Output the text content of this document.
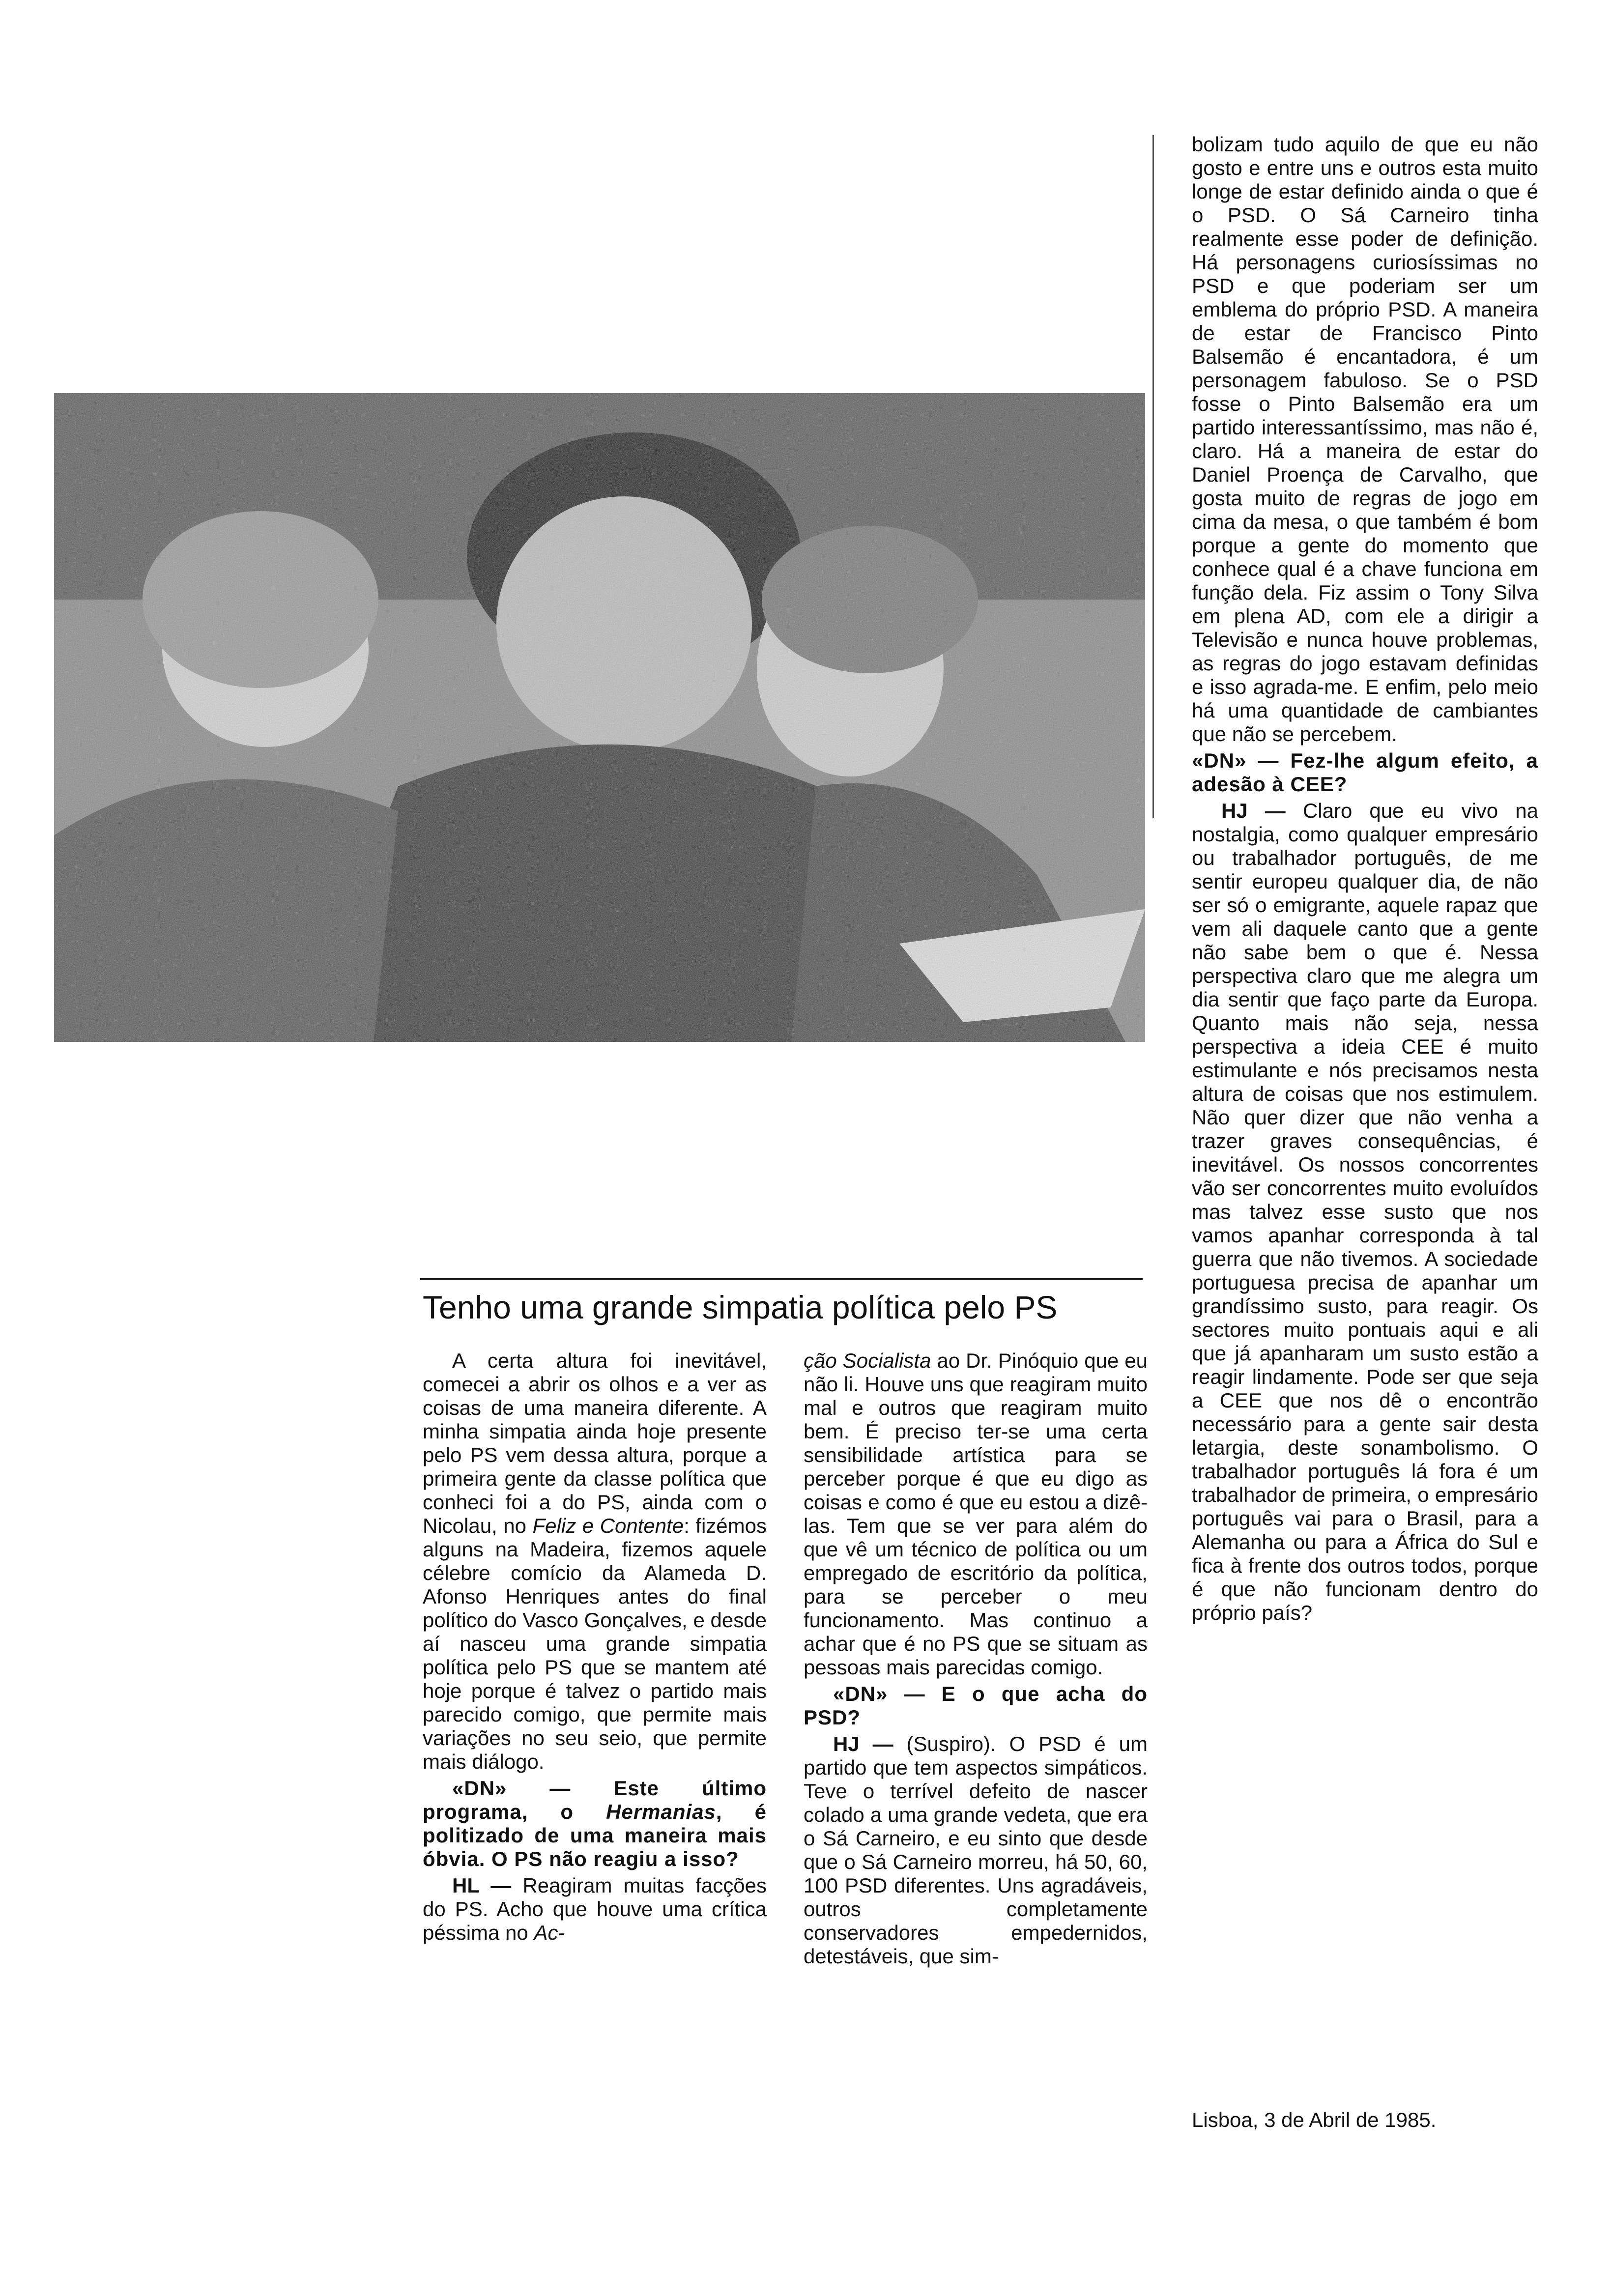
bolizam tudo aquilo de que eu não gosto e entre uns e outros esta muito longe de estar definido ainda o que é o PSD. O Sá Carneiro tinha realmente esse poder de definição. Há personagens curiosíssimas no PSD e que poderiam ser um emblema do próprio PSD. A maneira de estar de Francisco Pinto Balsemão é encantadora, é um personagem fabuloso. Se o PSD fosse o Pinto Balsemão era um partido interessantíssimo, mas não é, claro. Há a maneira de estar do Daniel Proença de Carvalho, que gosta muito de regras de jogo em cima da mesa, o que também é bom porque a gente do momento que conhece qual é a chave funciona em função dela. Fiz assim o Tony Silva em plena AD, com ele a dirigir a Televisão e nunca houve problemas, as regras do jogo estavam definidas e isso agrada-me. E enfim, pelo meio há uma quantidade de cambiantes que não se percebem.

«DN» — Fez-lhe algum efeito, a adesão à CEE?

HJ — Claro que eu vivo na nostalgia, como qualquer empresário ou trabalhador português, de me sentir europeu qualquer dia, de não ser só o emigrante, aquele rapaz que vem ali daquele canto que a gente não sabe bem o que é. Nessa perspectiva claro que me alegra um dia sentir que faço parte da Europa. Quanto mais não seja, nessa perspectiva a ideia CEE é muito estimulante e nós precisamos nesta altura de coisas que nos estimulem. Não quer dizer que não venha a trazer graves consequências, é inevitável. Os nossos concorrentes vão ser concorrentes muito evoluídos mas talvez esse susto que nos vamos apanhar corresponda à tal guerra que não tivemos. A sociedade portuguesa precisa de apanhar um grandíssimo susto, para reagir. Os sectores muito pontuais aqui e ali que já apanharam um susto estão a reagir lindamente. Pode ser que seja a CEE que nos dê o encontrão necessário para a gente sair desta letargia, deste sonambolismo. O trabalhador português lá fora é um trabalhador de primeira, o empresário português vai para o Brasil, para a Alemanha ou para a África do Sul e fica à frente dos outros todos, porque é que não funcionam dentro do próprio país?

Lisboa, 3 de Abril de 1985.
Tenho uma grande simpatia política pelo PS

A certa altura foi inevitável, comecei a abrir os olhos e a ver as coisas de uma maneira diferente. A minha simpatia ainda hoje presente pelo PS vem dessa altura, porque a primeira gente da classe política que conheci foi a do PS, ainda com o Nicolau, no Feliz e Contente: fizémos alguns na Madeira, fizemos aquele célebre comício da Alameda D. Afonso Henriques antes do final político do Vasco Gonçalves, e desde aí nasceu uma grande simpatia política pelo PS que se mantem até hoje porque é talvez o partido mais parecido comigo, que permite mais variações no seu seio, que permite mais diálogo.

«DN» — Este último programa, o Hermanias, é politizado de uma maneira mais óbvia. O PS não reagiu a isso?

HL — Reagiram muitas facções do PS. Acho que houve uma crítica péssima no Ac-

ção Socialista ao Dr. Pinóquio que eu não li. Houve uns que reagiram muito mal e outros que reagiram muito bem. É preciso ter-se uma certa sensibilidade artística para se perceber porque é que eu digo as coisas e como é que eu estou a dizê-las. Tem que se ver para além do que vê um técnico de política ou um empregado de escritório da política, para se perceber o meu funcionamento. Mas continuo a achar que é no PS que se situam as pessoas mais parecidas comigo.

«DN» — E o que acha do PSD?

HJ — (Suspiro). O PSD é um partido que tem aspectos simpáticos. Teve o terrível defeito de nascer colado a uma grande vedeta, que era o Sá Carneiro, e eu sinto que desde que o Sá Carneiro morreu, há 50, 60, 100 PSD diferentes. Uns agradáveis, outros completamente conservadores empedernidos, detestáveis, que sim-
